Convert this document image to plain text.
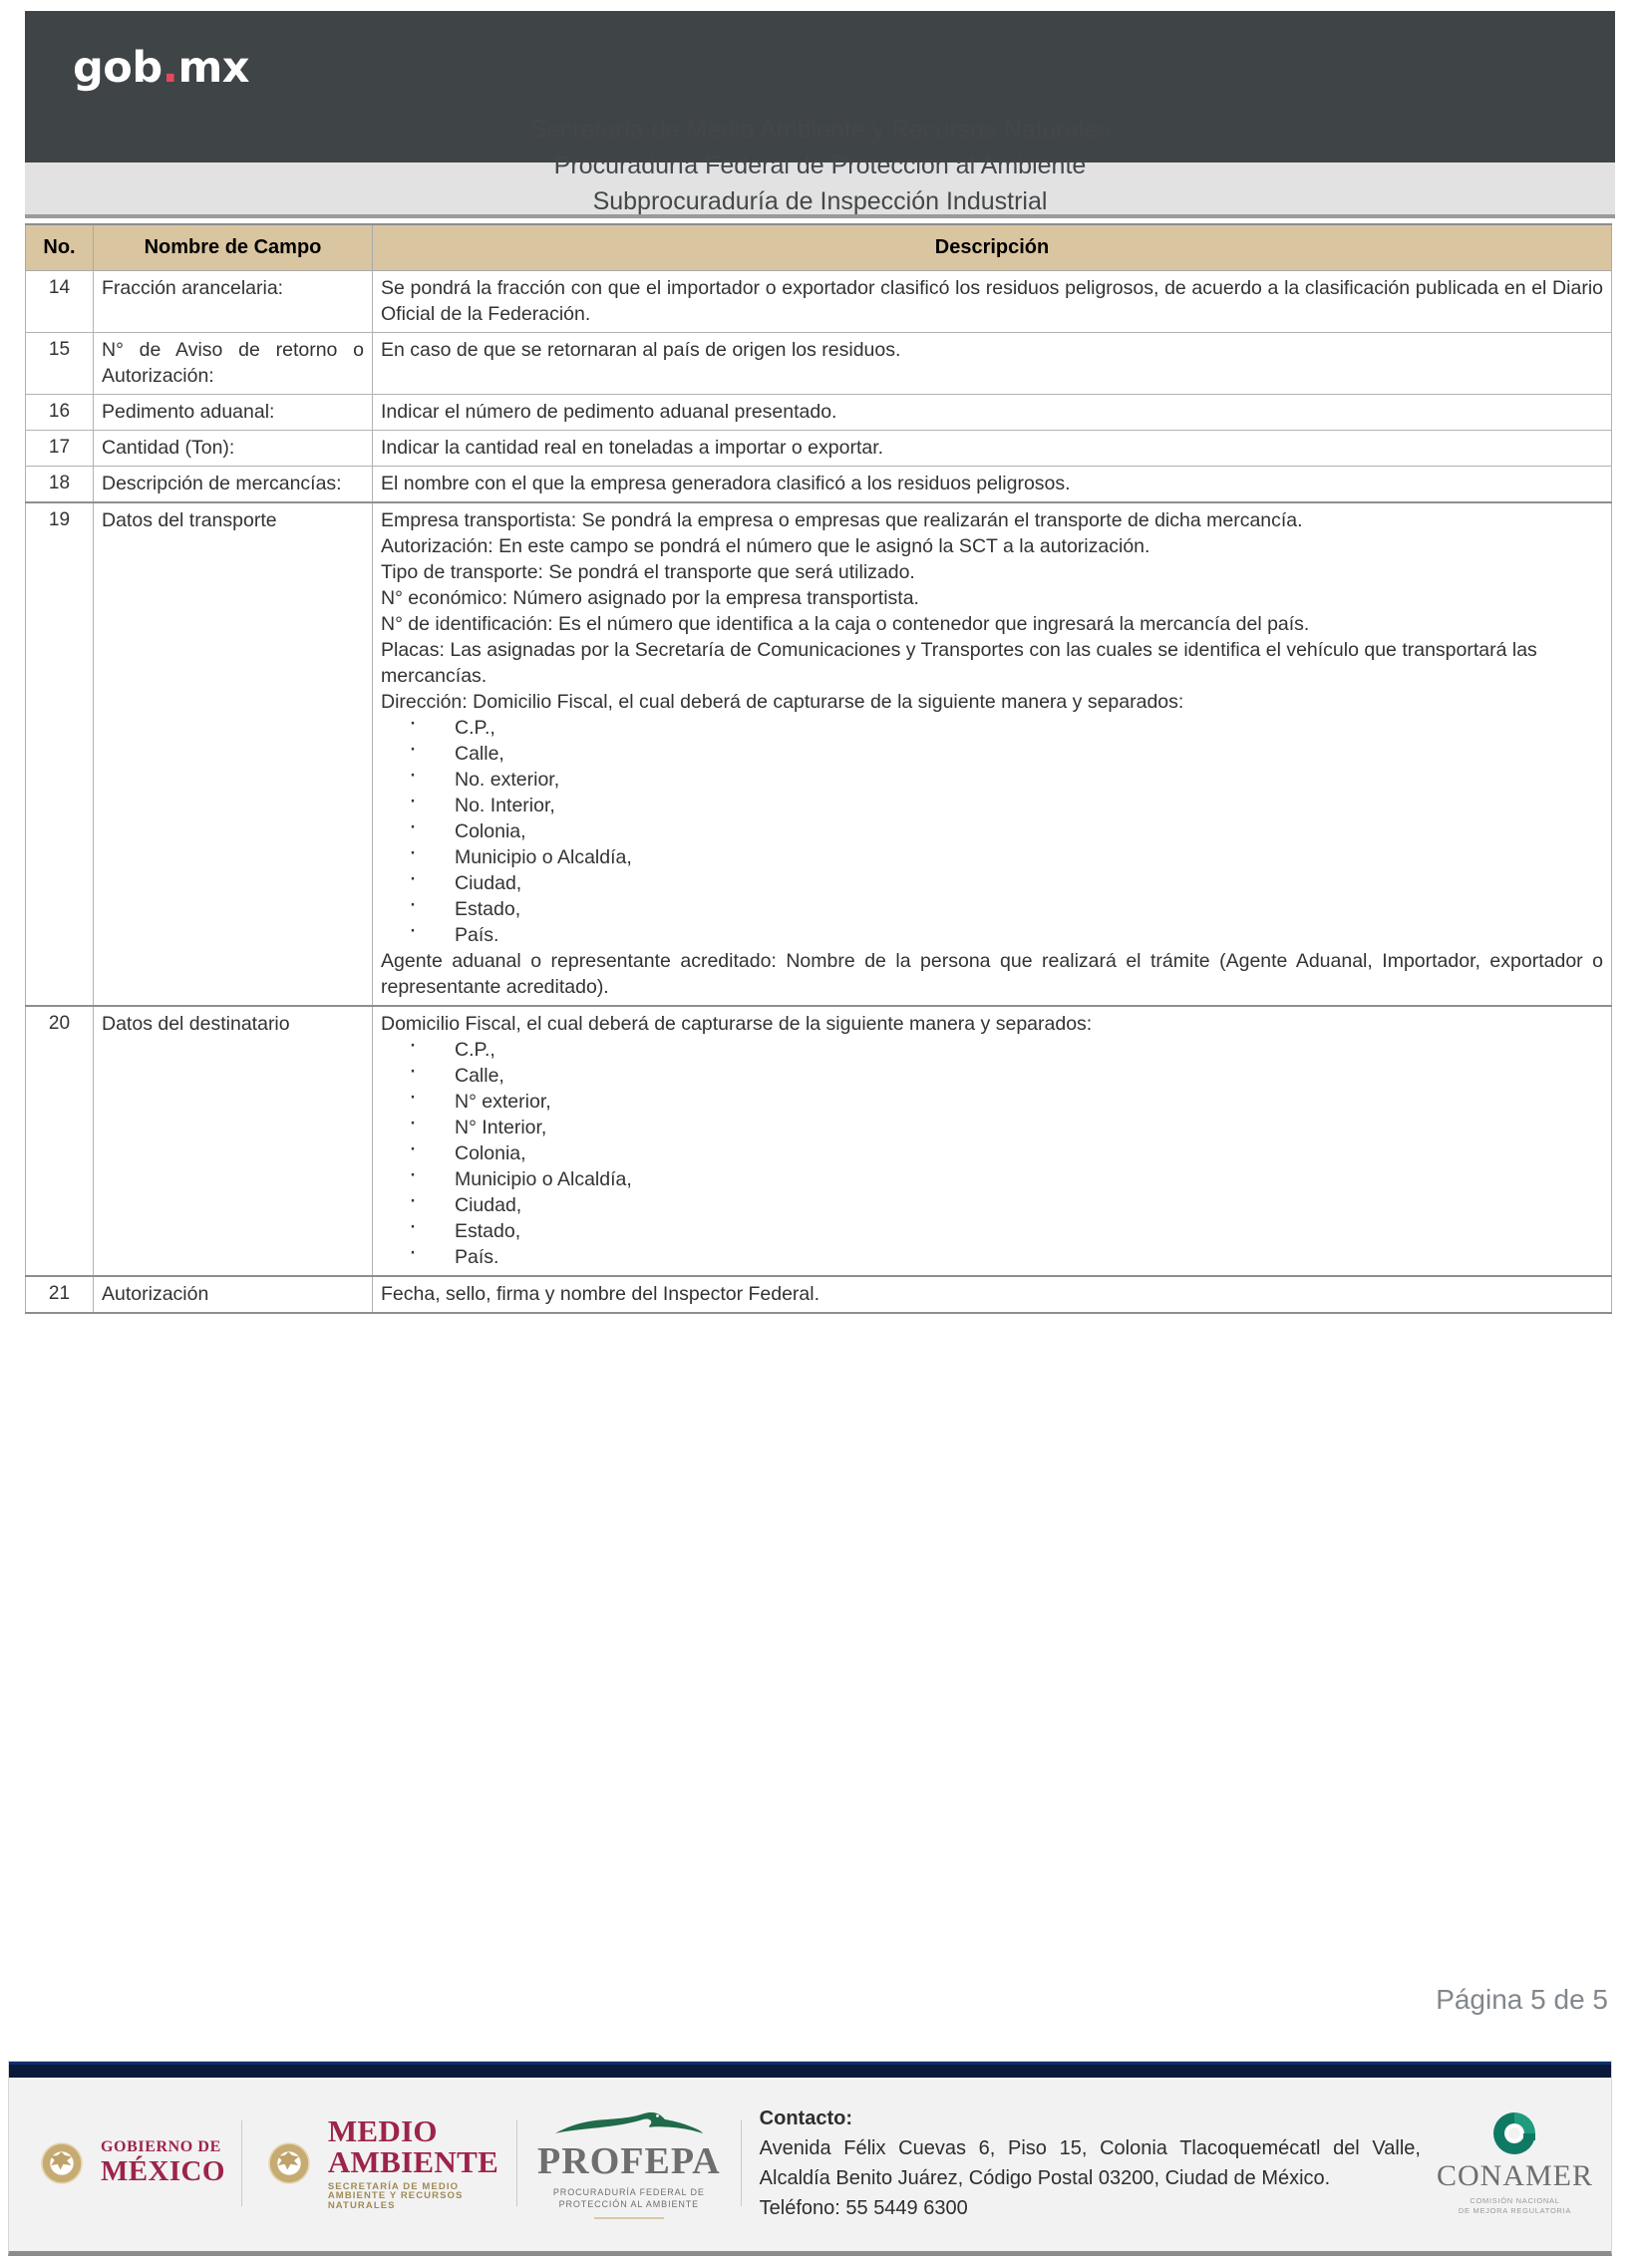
gob.mx
Secretaría de Medio Ambiente y Recursos Naturales
Procuraduría Federal de Protección al Ambiente
Subprocuraduría de Inspección Industrial
No.	Nombre de Campo	Descripción
14	Fracción arancelaria:	Se pondrá la fracción con que el importador o exportador clasificó los residuos peligrosos, de acuerdo a la clasificación publicada en el Diario Oficial de la Federación.

15	N° de Aviso de retorno o Autorización:	En caso de que se retornaran al país de origen los residuos.

16	Pedimento aduanal:	Indicar el número de pedimento aduanal presentado.

17	Cantidad (Ton):	Indicar la cantidad real en toneladas a importar o exportar.

18	Descripción de mercancías:	El nombre con el que la empresa generadora clasificó a los residuos peligrosos.

19	Datos del transporte	Empresa transportista: Se pondrá la empresa o empresas que realizarán el transporte de dicha mercancía.

Autorización: En este campo se pondrá el número que le asignó la SCT a la autorización.

Tipo de transporte: Se pondrá el transporte que será utilizado.

N° económico: Número asignado por la empresa transportista.

N° de identificación: Es el número que identifica a la caja o contenedor que ingresará la mercancía del país.

Placas: Las asignadas por la Secretaría de Comunicaciones y Transportes con las cuales se identifica el vehículo que transportará las mercancías.

Dirección: Domicilio Fiscal, el cual deberá de capturarse de la siguiente manera y separados:

· C.P.,
· Calle,
· No. exterior,
· No. Interior,
· Colonia,
· Municipio o Alcaldía,
· Ciudad,
· Estado,
· País.

Agente aduanal o representante acreditado: Nombre de la persona que realizará el trámite (Agente Aduanal, Importador, exportador o representante acreditado).

20	Datos del destinatario	Domicilio Fiscal, el cual deberá de capturarse de la siguiente manera y separados:

· C.P.,
· Calle,
· N° exterior,
· N° Interior,
· Colonia,
· Municipio o Alcaldía,
· Ciudad,
· Estado,
· País.

21	Autorización	Fecha, sello, firma y nombre del Inspector Federal.

Página 5 de 5
GOBIERNO DE
MÉXICO
MEDIO AMBIENTE
SECRETARÍA DE MEDIO AMBIENTE Y RECURSOS NATURALES
PROFEPA
PROCURADURÍA FEDERAL DE
PROTECCIÓN AL AMBIENTE
Contacto:
Avenida Félix Cuevas 6, Piso 15, Colonia Tlacoquemécatl del Valle, Alcaldía Benito Juárez, Código Postal 03200, Ciudad de México.
Teléfono: 55 5449 6300
CONAMER
COMISIÓN NACIONAL
DE MEJORA REGULATORIA
